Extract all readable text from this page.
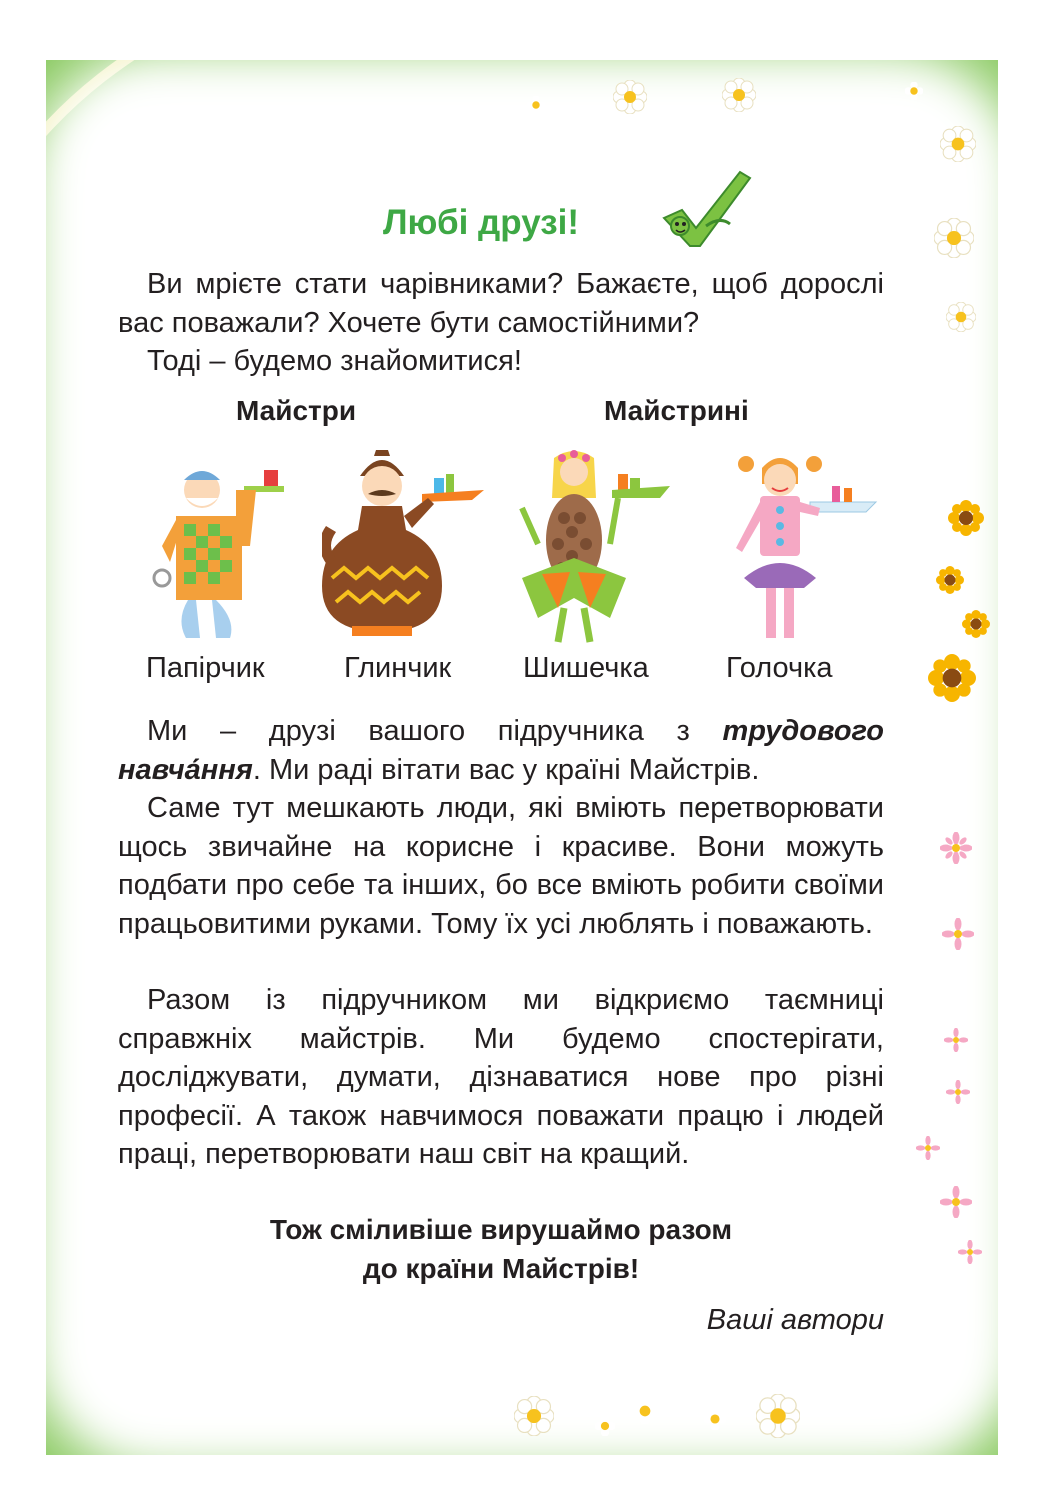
Любі друзі!

Ви мрієте стати чарівниками? Бажаєте, щоб дорослі вас поважали? Хочете бути самостійними?
Тоді – будемо знайомитися!

Майстри	Майстрині

Папірчик	Глинчик Шишечка	Голочка

Ми – друзі вашого підручника з трудового навча́ння. Ми раді вітати вас у країні Майстрів.

Саме тут мешкають люди, які вміють перетворювати щось звичайне на корисне і красиве. Вони можуть подбати про себе та інших, бо все вміють робити своїми працьовитими руками. Тому їх усі люблять і поважають.

Разом із підручником ми відкриємо таємниці справжніх майстрів. Ми будемо спостерігати, досліджувати, думати, дізнаватися нове про різні професії. А також навчимося поважати працю і людей праці, перетворювати наш світ на кращий.

Тож сміливіше вирушаймо разом
до країни Майстрів!

Ваші автори
